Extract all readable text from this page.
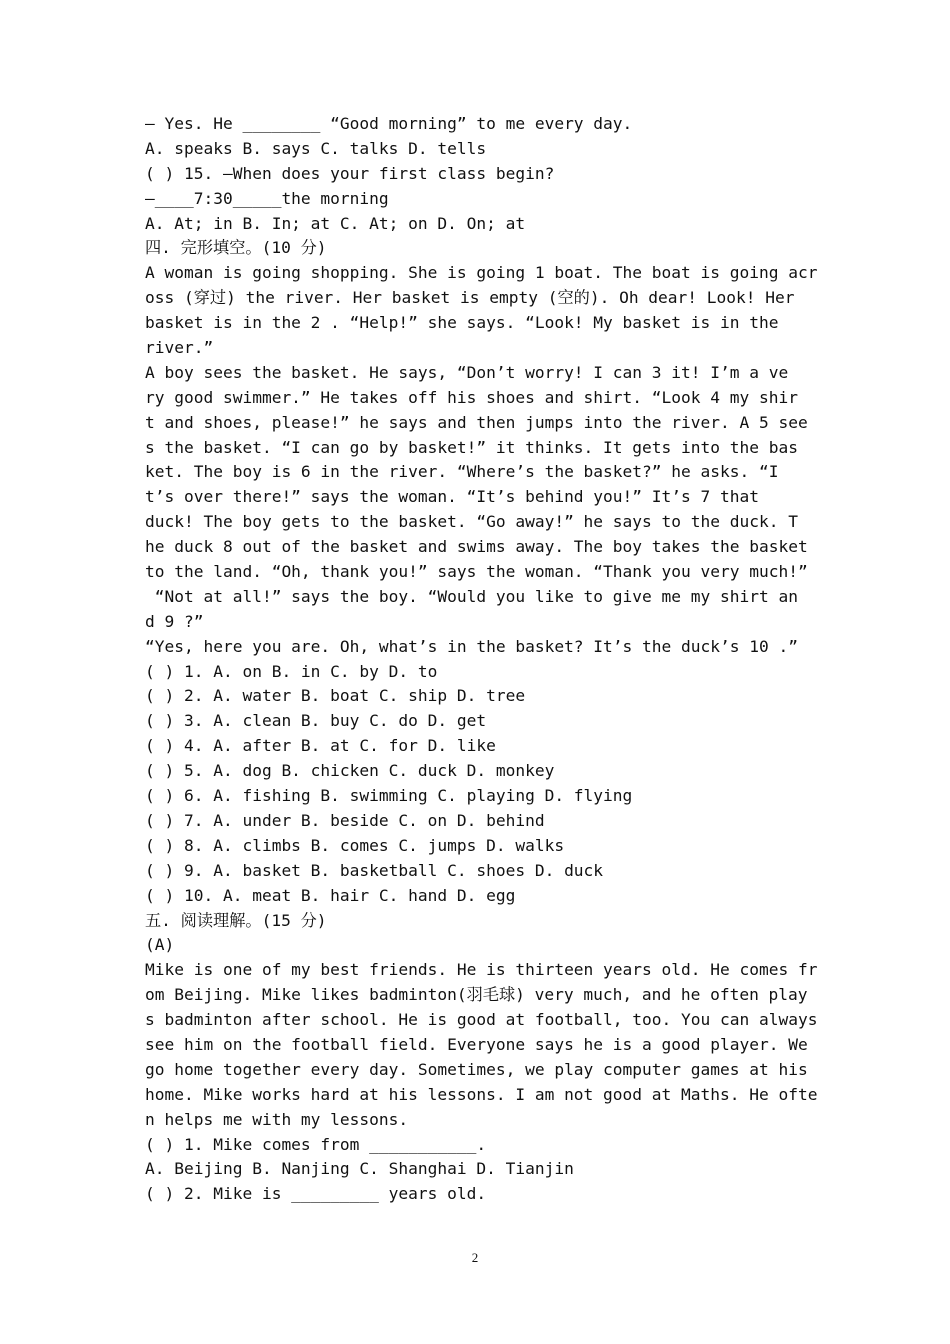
— Yes. He ________ “Good morning” to me every day.
A. speaks B. says C. talks D. tells
( ) 15. —When does your first class begin?
—____7:30_____the morning
A. At; in B. In; at C. At; on D. On; at
四. 完形填空。(10 分)
A woman is going shopping. She is going 1 boat. The boat is going acr
oss (穿过) the river. Her basket is empty (空的). Oh dear! Look! Her
basket is in the 2 . “Help!” she says. “Look! My basket is in the
river.”
A boy sees the basket. He says, “Don’t worry! I can 3 it! I’m a ve
ry good swimmer.” He takes off his shoes and shirt. “Look 4 my shir
t and shoes, please!” he says and then jumps into the river. A 5 see
s the basket. “I can go by basket!” it thinks. It gets into the bas
ket. The boy is 6 in the river. “Where’s the basket?” he asks. “I
t’s over there!” says the woman. “It’s behind you!” It’s 7 that
duck! The boy gets to the basket. “Go away!” he says to the duck. T
he duck 8 out of the basket and swims away. The boy takes the basket
to the land. “Oh, thank you!” says the woman. “Thank you very much!”
“Not at all!” says the boy. “Would you like to give me my shirt an
d 9 ?”
“Yes, here you are. Oh, what’s in the basket? It’s the duck’s 10 .”
( ) 1. A. on B. in C. by D. to
( ) 2. A. water B. boat C. ship D. tree
( ) 3. A. clean B. buy C. do D. get
( ) 4. A. after B. at C. for D. like
( ) 5. A. dog B. chicken C. duck D. monkey
( ) 6. A. fishing B. swimming C. playing D. flying
( ) 7. A. under B. beside C. on D. behind
( ) 8. A. climbs B. comes C. jumps D. walks
( ) 9. A. basket B. basketball C. shoes D. duck
( ) 10. A. meat B. hair C. hand D. egg
五. 阅读理解。(15 分)
(A)
Mike is one of my best friends. He is thirteen years old. He comes fr
om Beijing. Mike likes badminton(羽毛球) very much, and he often play
s badminton after school. He is good at football, too. You can always
see him on the football field. Everyone says he is a good player. We
go home together every day. Sometimes, we play computer games at his
home. Mike works hard at his lessons. I am not good at Maths. He ofte
n helps me with my lessons.
( ) 1. Mike comes from ___________.
A. Beijing B. Nanjing C. Shanghai D. Tianjin
( ) 2. Mike is _________ years old.
2
